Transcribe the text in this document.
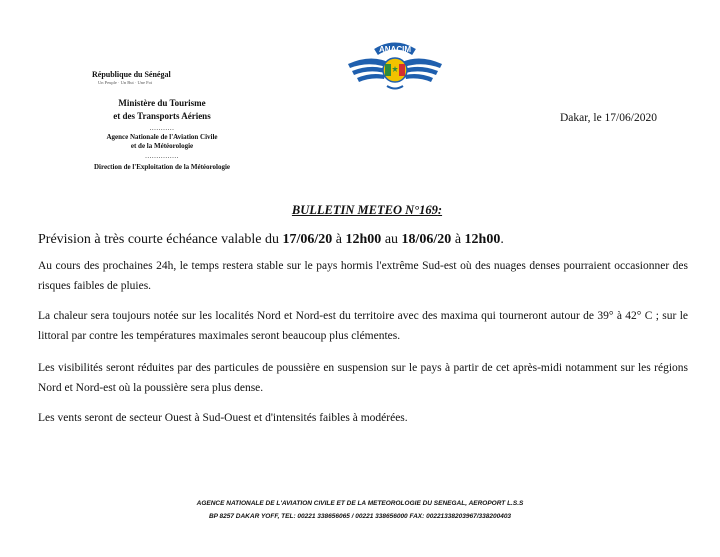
République du Sénégal
Un Peuple · Un But · Une Foi
Ministère du Tourisme
et des Transports Aériens
...........
Agence Nationale de l'Aviation Civile
et de la Météorologie
...............
Direction de l'Exploitation de la Météorologie
ANACIM
Dakar, le 17/06/2020
BULLETIN METEO N°169:
Prévision à très courte échéance valable du 17/06/20 à 12h00 au 18/06/20 à 12h00.
Au cours des prochaines 24h, le temps restera stable sur le pays hormis l'extrême Sud-est où des nuages denses pourraient occasionner des risques faibles de pluies.
La chaleur sera toujours notée sur les localités Nord et Nord-est du territoire avec des maxima qui tourneront autour de 39° à 42° C ; sur le littoral par contre les températures maximales seront beaucoup plus clémentes.
Les visibilités seront réduites par des particules de poussière en suspension sur le pays à partir de cet après-midi notamment sur les régions Nord et Nord-est où la poussière sera plus dense.
Les vents seront de secteur Ouest à Sud-Ouest et d'intensités faibles à modérées.
AGENCE NATIONALE DE L'AVIATION CIVILE ET DE LA METEOROLOGIE DU SENEGAL, AEROPORT L.S.S
BP 8257 DAKAR YOFF, TEL: 00221 338656065 / 00221 338656000 FAX: 00221338203967/338200403
